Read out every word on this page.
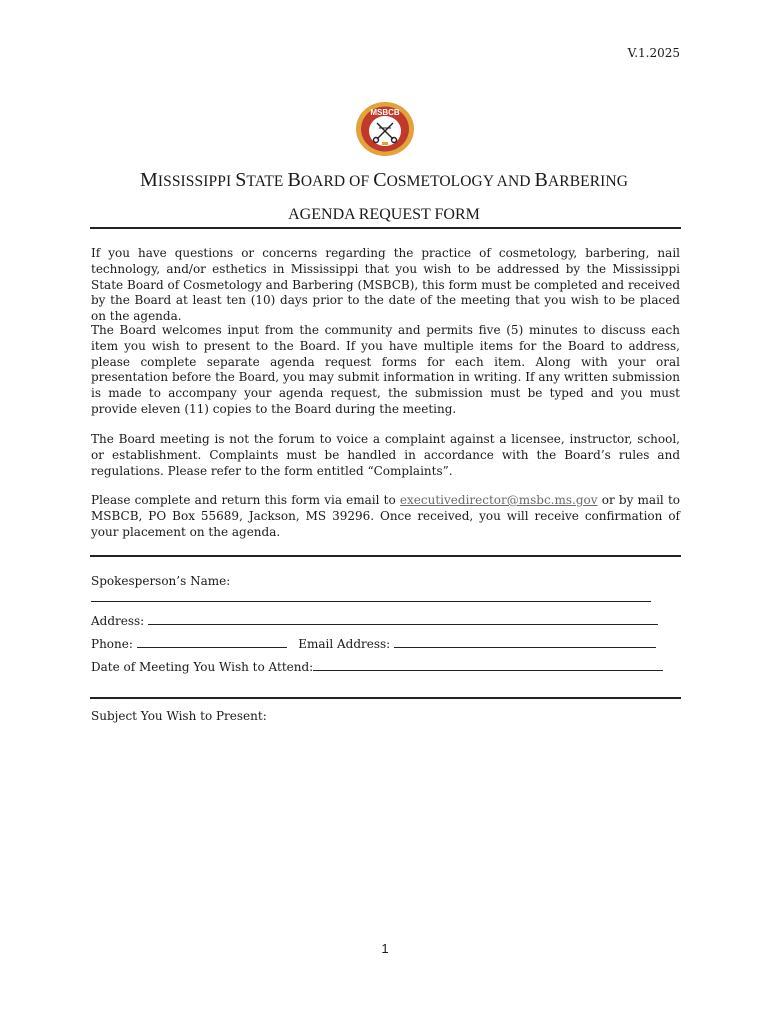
V.1.2025
MSBCB
MISSISSIPPI STATE BOARD OF COSMETOLOGY AND BARBERING
AGENDA REQUEST FORM
If you have questions or concerns regarding the practice of cosmetology, barbering, nail technology, and/or esthetics in Mississippi that you wish to be addressed by the Mississippi State Board of Cosmetology and Barbering (MSBCB), this form must be completed and received by the Board at least ten (10) days prior to the date of the meeting that you wish to be placed on the agenda.
The Board welcomes input from the community and permits five (5) minutes to discuss each item you wish to present to the Board. If you have multiple items for the Board to address, please complete separate agenda request forms for each item. Along with your oral presentation before the Board, you may submit information in writing. If any written submission is made to accompany your agenda request, the submission must be typed and you must provide eleven (11) copies to the Board during the meeting.
The Board meeting is not the forum to voice a complaint against a licensee, instructor, school, or establishment. Complaints must be handled in accordance with the Board’s rules and regulations. Please refer to the form entitled “Complaints”.
Please complete and return this form via email to executivedirector@msbc.ms.gov or by mail to MSBCB, PO Box 55689, Jackson, MS 39296. Once received, you will receive confirmation of your placement on the agenda.
Spokesperson’s Name:
Address:
Phone:	Email Address:
Date of Meeting You Wish to Attend:
Subject You Wish to Present:
1
